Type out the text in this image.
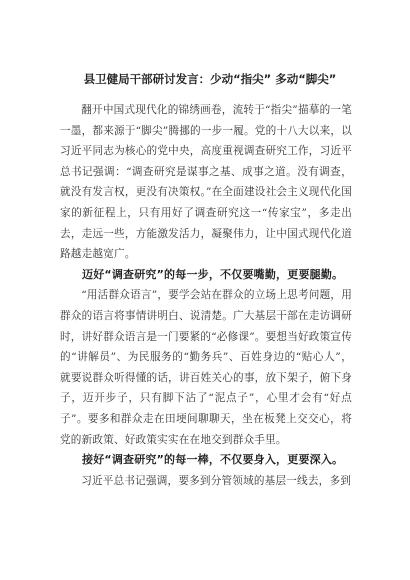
县卫健局干部研讨发言：少动“指尖” 多动“脚尖”

翻开中国式现代化的锦绣画卷，流转于“指尖”描摹的一笔一墨，都来源于“脚尖”腾挪的一步一履。党的十八大以来，以习近平同志为核心的党中央，高度重视调查研究工作，习近平总书记强调：“调查研究是谋事之基、成事之道。没有调查，就没有发言权，更没有决策权。”在全面建设社会主义现代化国家的新征程上，只有用好了调查研究这一“传家宝”，多走出去，走远一些，方能激发活力，凝聚伟力，让中国式现代化道路越走越宽广。

迈好“调查研究”的每一步，不仅要嘴勤，更要腿勤。

“用活群众语言”，要学会站在群众的立场上思考问题，用群众的语言将事情讲明白、说清楚。广大基层干部在走访调研时，讲好群众语言是一门要紧的“必修课”。要想当好政策宣传的“讲解员”、为民服务的“勤务兵”、百姓身边的“贴心人”，就要说群众听得懂的话，讲百姓关心的事，放下架子，俯下身子，迈开步子，只有脚下沾了“泥点子”，心里才会有“好点子”。要多和群众走在田埂间聊聊天，坐在板凳上交交心，将党的新政策、好政策实实在在地交到群众手里。

接好“调查研究”的每一棒，不仅要身入，更要深入。

习近平总书记强调，要多到分管领域的基层一线去，多到
